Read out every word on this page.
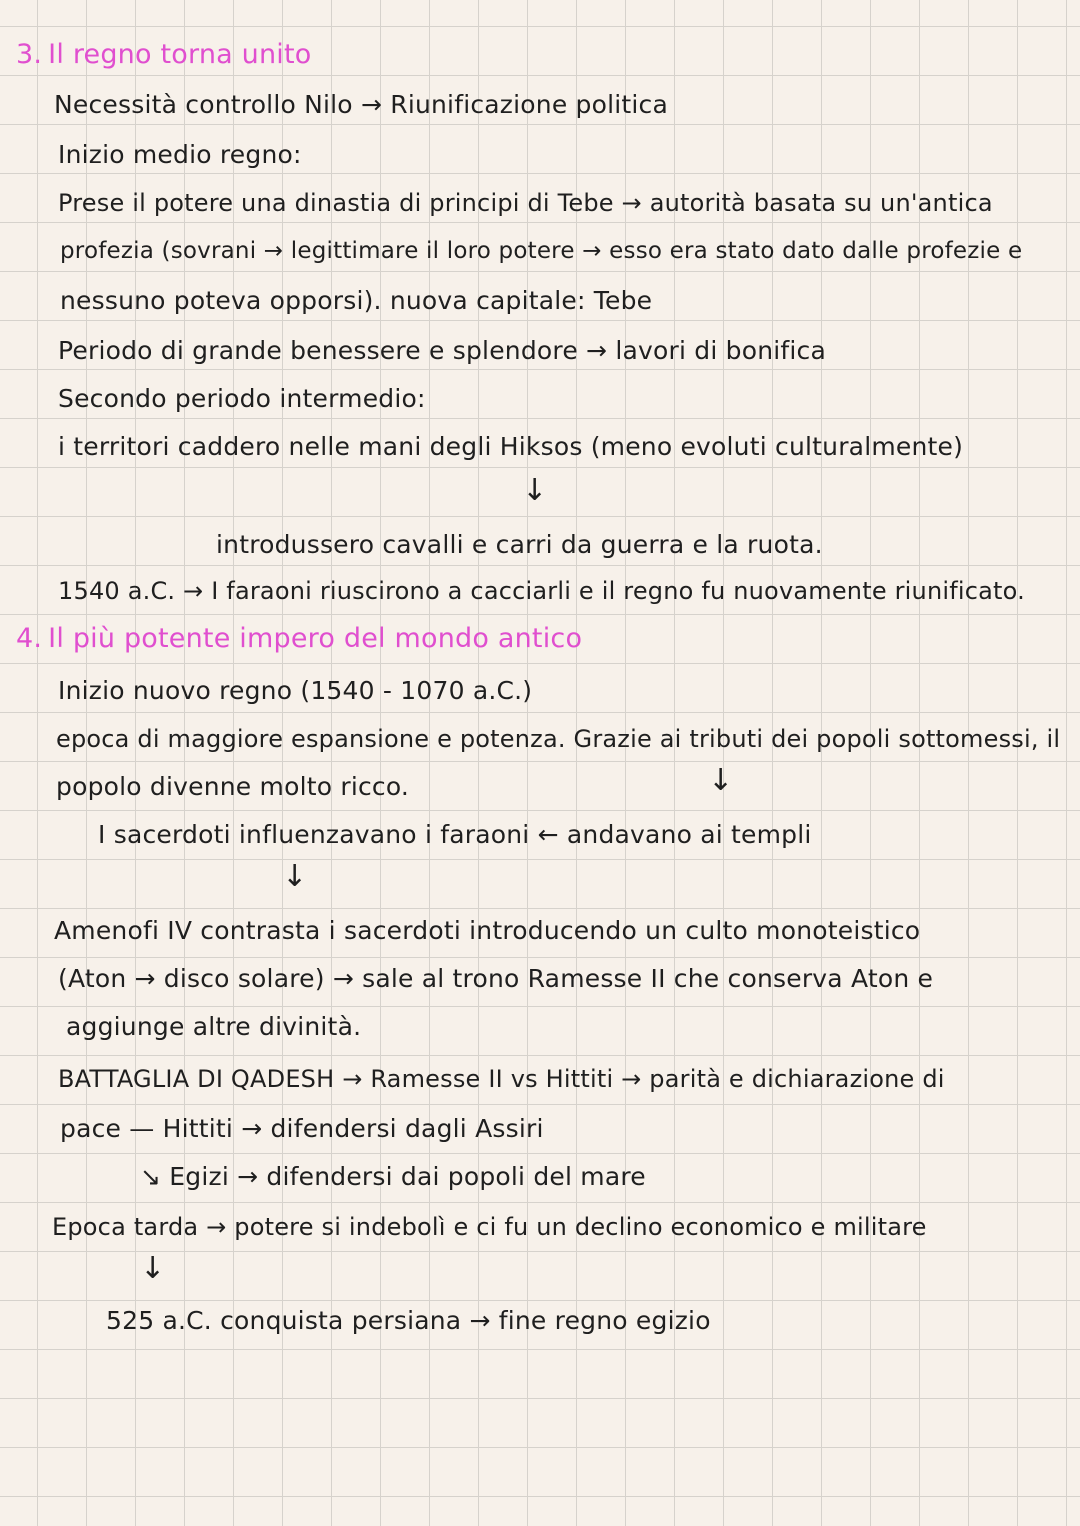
3. Il regno torna unito
Necessità controllo Nilo → Riunificazione politica
Inizio medio regno:
Prese il potere una dinastia di principi di Tebe → autorità basata su un'antica
profezia (sovrani → legittimare il loro potere → esso era stato dato dalle profezie e
nessuno poteva opporsi). nuova capitale: Tebe
Periodo di grande benessere e splendore → lavori di bonifica
Secondo periodo intermedio:
i territori caddero nelle mani degli Hiksos (meno evoluti culturalmente)
↓
introdussero cavalli e carri da guerra e la ruota.
1540 a.C. → I faraoni riuscirono a cacciarli e il regno fu nuovamente riunificato.
4. Il più potente impero del mondo antico
Inizio nuovo regno (1540 - 1070 a.C.)
epoca di maggiore espansione e potenza. Grazie ai tributi dei popoli sottomessi, il
popolo divenne molto ricco.	↓
I sacerdoti influenzavano i faraoni ← andavano ai templi
↓
Amenofi IV contrasta i sacerdoti introducendo un culto monoteistico
(Aton → disco solare) → sale al trono Ramesse II che conserva Aton e
aggiunge altre divinità.
BATTAGLIA DI QADESH → Ramesse II vs Hittiti → parità e dichiarazione di
pace — Hittiti → difendersi dagli Assiri
↘ Egizi → difendersi dai popoli del mare
Epoca tarda → potere si indebolì e ci fu un declino economico e militare
↓
525 a.C. conquista persiana → fine regno egizio
